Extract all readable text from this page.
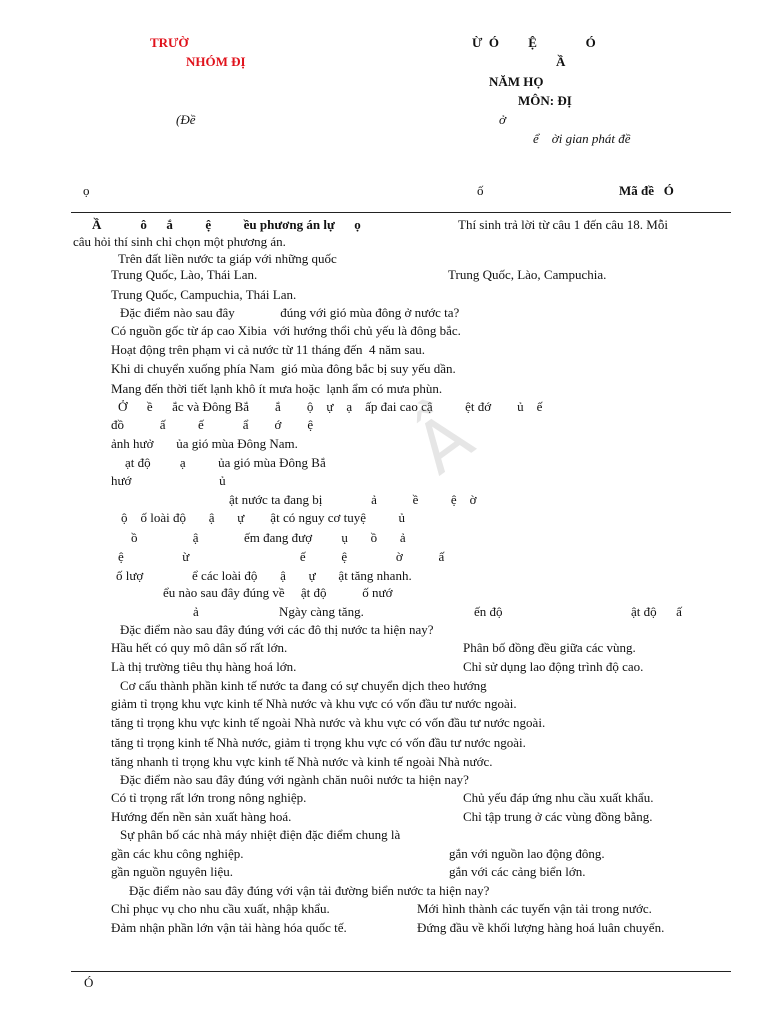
TRƯỜ
NHÓM ĐỊ
Ừ  Ó         Ệ               Ó
Ầ
NĂM HỌ
MÔN: ĐỊ
(Đề	ở
ể    ời gian phát đề
ọ	ố	Mã đề   Ó
Ầ            ô      ắ          ệ          ều phương án lự      ọ	Thí sinh trả lời từ câu 1 đến câu 18. Mỗi
câu hỏi thí sinh chỉ chọn một phương án.
Trên đất liền nước ta giáp với những quốc
Trung Quốc, Lào, Thái Lan.	Trung Quốc, Lào, Campuchia.
Trung Quốc, Campuchia, Thái Lan.
Đặc điểm nào sau đây              đúng với gió mùa đông ở nước ta?
Có nguồn gốc từ áp cao Xibia  với hướng thổi chủ yếu là đông bắc.
Hoạt động trên phạm vi cả nước từ 11 tháng đến  4 năm sau.
Khi di chuyển xuống phía Nam  gió mùa đông bắc bị suy yếu dần.
Mang đến thời tiết lạnh khô ít mưa hoặc  lạnh ẩm có mưa phùn.
Ở      ề      ắc và Đông Bắ        ắ        ộ    ự    ạ    ấp đai cao cậ          ệt đớ        ủ    ế
đồ           ấ          ế            ẩ        ớ        ệ
ảnh hưở       ủa gió mùa Đông Nam.
ạt độ         ạ          ủa gió mùa Đông Bắ
hướ                           ủ
ật nước ta đang bị               ả           ề          ệ    ờ
ộ    ố loài độ       ậ       ự        ật có nguy cơ tuyệ          ủ
ồ                 ậ              ếm đang đượ         ụ       ồ       ả
ệ                  ừ                                  ế           ệ               ờ           ấ
ố lượ               ể các loài độ       ậ       ự       ật tăng nhanh.
ểu nào sau đây đúng về     ật độ           ố nướ
ả	Ngày càng tăng.	ến độ	ật độ      ấ
Đặc điểm nào sau đây đúng với các đô thị nước ta hiện nay?
Hầu hết có quy mô dân số rất lớn.	Phân bố đồng đều giữa các vùng.
Là thị trường tiêu thụ hàng hoá lớn.	Chỉ sử dụng lao động trình độ cao.
Cơ cấu thành phần kinh tế nước ta đang có sự chuyển dịch theo hướng
giảm tỉ trọng khu vực kinh tế Nhà nước và khu vực có vốn đầu tư nước ngoài.
tăng tỉ trọng khu vực kinh tế ngoài Nhà nước và khu vực có vốn đầu tư nước ngoài.
tăng tỉ trọng kinh tế Nhà nước, giảm tỉ trọng khu vực có vốn đầu tư nước ngoài.
tăng nhanh tỉ trọng khu vực kinh tế Nhà nước và kinh tế ngoài Nhà nước.
Đặc điểm nào sau đây đúng với ngành chăn nuôi nước ta hiện nay?
Có tỉ trọng rất lớn trong nông nghiệp.	Chủ yếu đáp ứng nhu cầu xuất khẩu.
Hướng đến nền sản xuất hàng hoá.	Chỉ tập trung ở các vùng đồng bằng.
Sự phân bố các nhà máy nhiệt điện đặc điểm chung là
gần các khu công nghiệp.	gắn với nguồn lao động đông.
gần nguồn nguyên liệu.	gắn với các cảng biển lớn.
Đặc điểm nào sau đây đúng với vận tải đường biển nước ta hiện nay?
Chỉ phục vụ cho nhu cầu xuất, nhập khẩu.	Mới hình thành các tuyến vận tải trong nước.
Đảm nhận phần lớn vận tải hàng hóa quốc tế.	Đứng đầu về khối lượng hàng hoá luân chuyển.
Ó
Ầ
